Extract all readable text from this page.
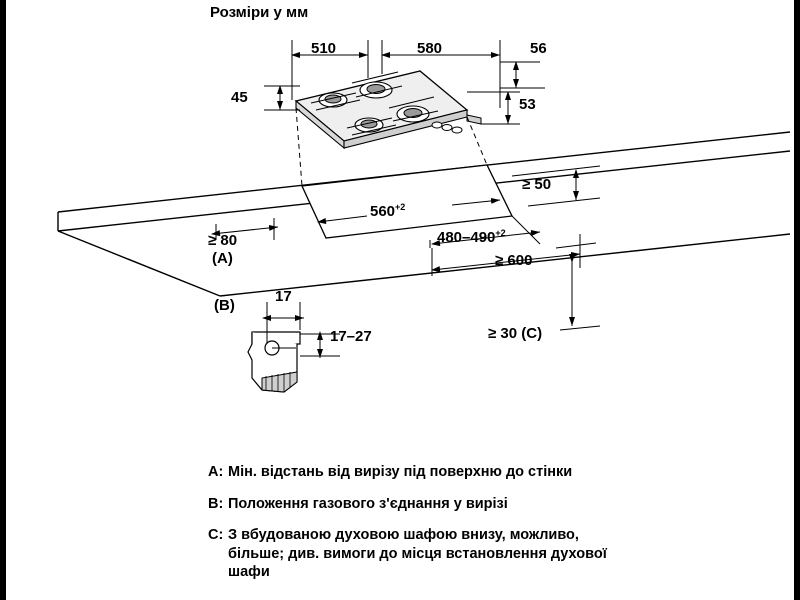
Розміри у мм
510	580	56
45	53
≥ 50
$560^{+2}$
$480-490^{+2}$
≥ 80
(A)	≥ 600
(B)
17
17–27	≥ 30 (C)
A: Мін. відстань від вирізу під поверхню до стінки
B: Положення газового з'єднання у вирізі
C: З вбудованою духовою шафою внизу, можливо, більше; див. вимоги до місця встановлення духової шафи
